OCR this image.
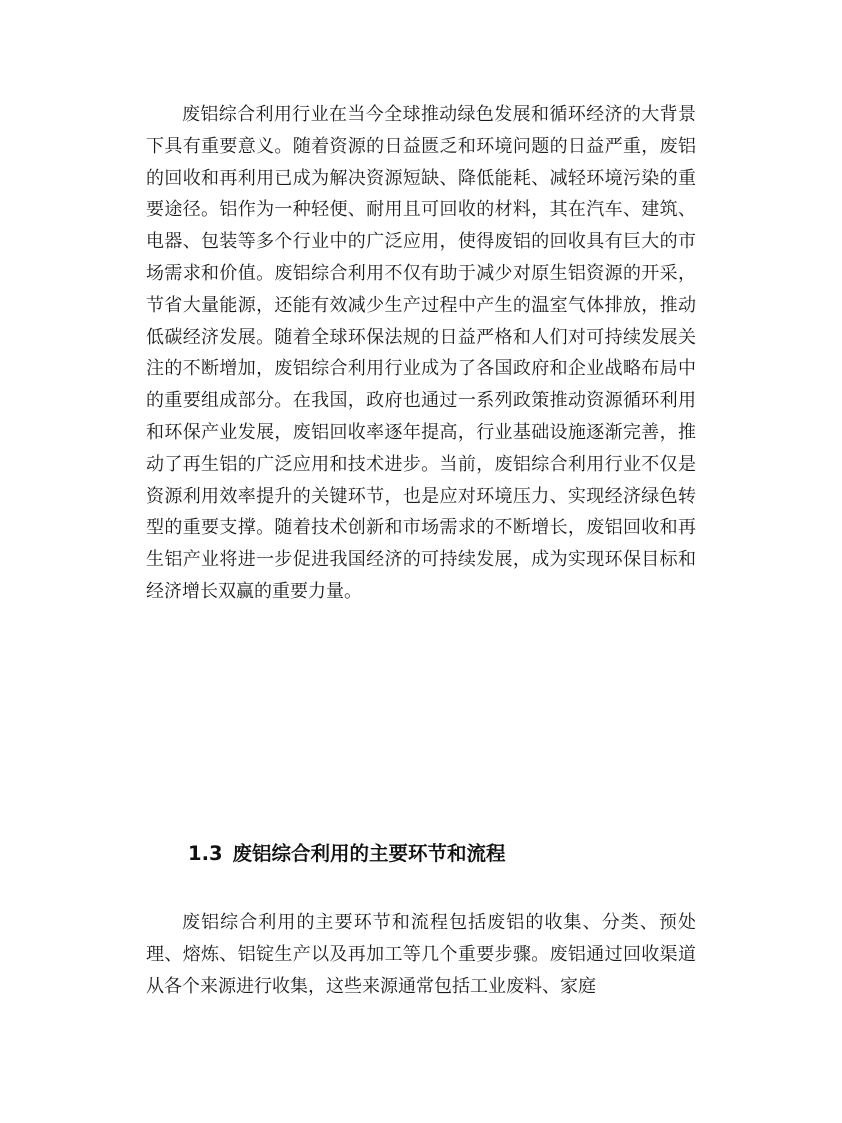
废铝综合利用行业在当今全球推动绿色发展和循环经济的大背景下具有重要意义。随着资源的日益匮乏和环境问题的日益严重，废铝的回收和再利用已成为解决资源短缺、降低能耗、减轻环境污染的重要途径。铝作为一种轻便、耐用且可回收的材料，其在汽车、建筑、电器、包装等多个行业中的广泛应用，使得废铝的回收具有巨大的市场需求和价值。废铝综合利用不仅有助于减少对原生铝资源的开采，节省大量能源，还能有效减少生产过程中产生的温室气体排放，推动低碳经济发展。随着全球环保法规的日益严格和人们对可持续发展关注的不断增加，废铝综合利用行业成为了各国政府和企业战略布局中的重要组成部分。在我国，政府也通过一系列政策推动资源循环利用和环保产业发展，废铝回收率逐年提高，行业基础设施逐渐完善，推动了再生铝的广泛应用和技术进步。当前，废铝综合利用行业不仅是资源利用效率提升的关键环节，也是应对环境压力、实现经济绿色转型的重要支撑。随着技术创新和市场需求的不断增长，废铝回收和再生铝产业将进一步促进我国经济的可持续发展，成为实现环保目标和经济增长双赢的重要力量。

1.3 废铝综合利用的主要环节和流程

废铝综合利用的主要环节和流程包括废铝的收集、分类、预处理、熔炼、铝锭生产以及再加工等几个重要步骤。废铝通过回收渠道从各个来源进行收集，这些来源通常包括工业废料、家庭
